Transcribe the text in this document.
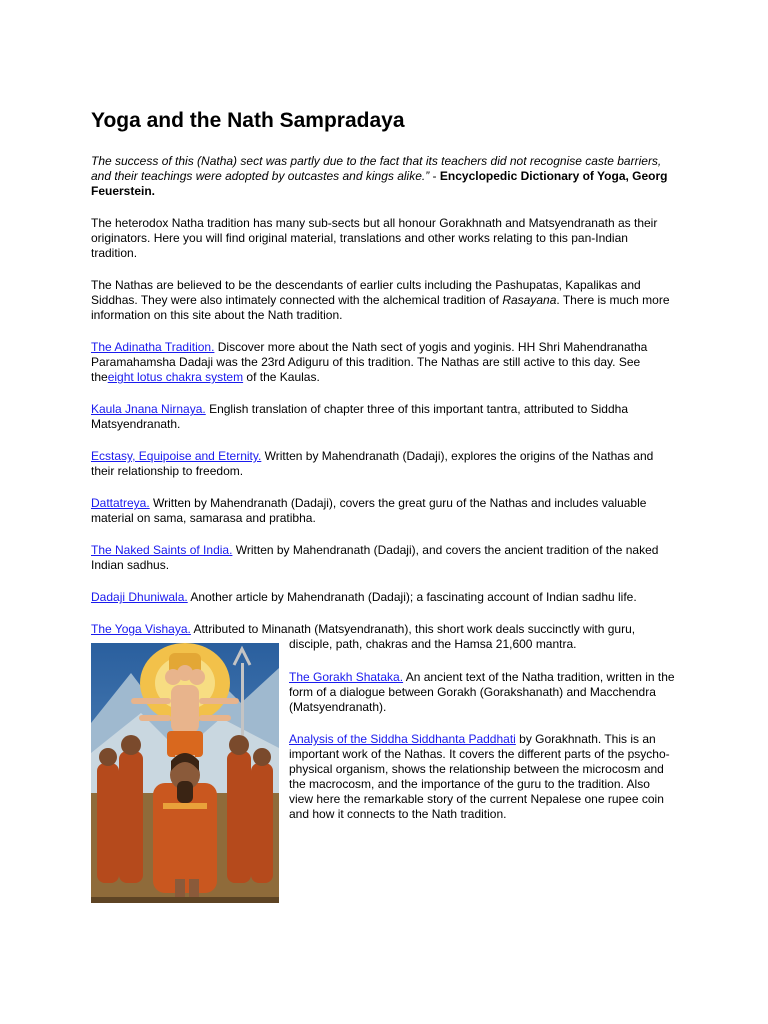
Yoga and the Nath Sampradaya

The success of this (Natha) sect was partly due to the fact that its teachers did not recognise caste barriers, and their teachings were adopted by outcastes and kings alike.” - Encyclopedic Dictionary of Yoga, Georg Feuerstein.

The heterodox Natha tradition has many sub-sects but all honour Gorakhnath and Matsyendranath as their originators. Here you will find original material, translations and other works relating to this pan-Indian tradition.

The Nathas are believed to be the descendants of earlier cults including the Pashupatas, Kapalikas and Siddhas. They were also intimately connected with the alchemical tradition of Rasayana. There is much more information on this site about the Nath tradition.

The Adinatha Tradition. Discover more about the Nath sect of yogis and yoginis. HH Shri Mahendranatha Paramahamsha Dadaji was the 23rd Adiguru of this tradition. The Nathas are still active to this day. See theeight lotus chakra system of the Kaulas.

Kaula Jnana Nirnaya. English translation of chapter three of this important tantra, attributed to Siddha Matsyendranath.

Ecstasy, Equipoise and Eternity. Written by Mahendranath (Dadaji), explores the origins of the Nathas and their relationship to freedom.

Dattatreya. Written by Mahendranath (Dadaji), covers the great guru of the Nathas and includes valuable material on sama, samarasa and pratibha.

The Naked Saints of India. Written by Mahendranath (Dadaji), and covers the ancient tradition of the naked Indian sadhus.

Dadaji Dhuniwala. Another article by Mahendranath (Dadaji); a fascinating account of Indian sadhu life.

The Yoga Vishaya. Attributed to Minanath (Matsyendranath), this short work deals succinctly with guru,
disciple, path, chakras and the Hamsa 21,600 mantra.

The Gorakh Shataka. An ancient text of the Natha tradition, written in the form of a dialogue between Gorakh (Gorakshanath) and Macchendra (Matsyendranath).

Analysis of the Siddha Siddhanta Paddhati by Gorakhnath. This is an important work of the Nathas. It covers the different parts of the psycho-physical organism, shows the relationship between the microcosm and the macrocosm, and the importance of the guru to the tradition. Also view here the remarkable story of the current Nepalese one rupee coin and how it connects to the Nath tradition.
